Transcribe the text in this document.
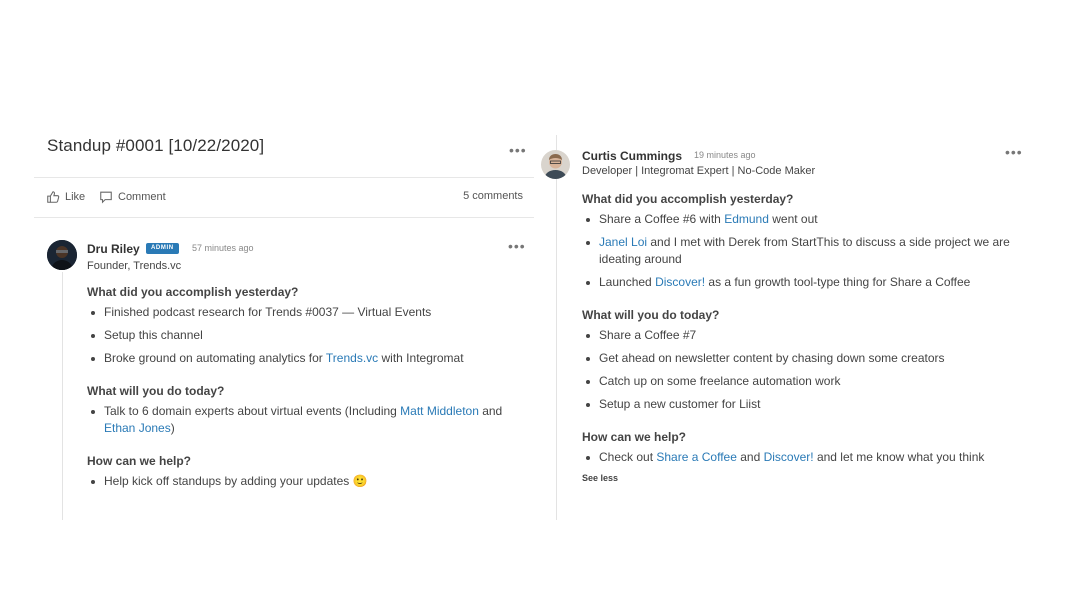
Standup #0001 [10/22/2020]	•••
Like	Comment	5 comments
Dru Riley	ADMIN	57 minutes ago
Founder, Trends.vc
•••
What did you accomplish yesterday?
Finished podcast research for Trends #0037 — Virtual Events
Setup this channel
Broke ground on automating analytics for Trends.vc with Integromat
What will you do today?
Talk to 6 domain experts about virtual events (Including Matt Middleton and Ethan Jones)
How can we help?
Help kick off standups by adding your updates 🙂
Curtis Cummings 19 minutes ago
Developer | Integromat Expert | No-Code Maker
•••
What did you accomplish yesterday?
Share a Coffee #6 with Edmund went out
Janel Loi and I met with Derek from StartThis to discuss a side project we are ideating around
Launched Discover! as a fun growth tool-type thing for Share a Coffee
What will you do today?
Share a Coffee #7
Get ahead on newsletter content by chasing down some creators
Catch up on some freelance automation work
Setup a new customer for Liist
How can we help?
Check out Share a Coffee and Discover! and let me know what you think
See less
